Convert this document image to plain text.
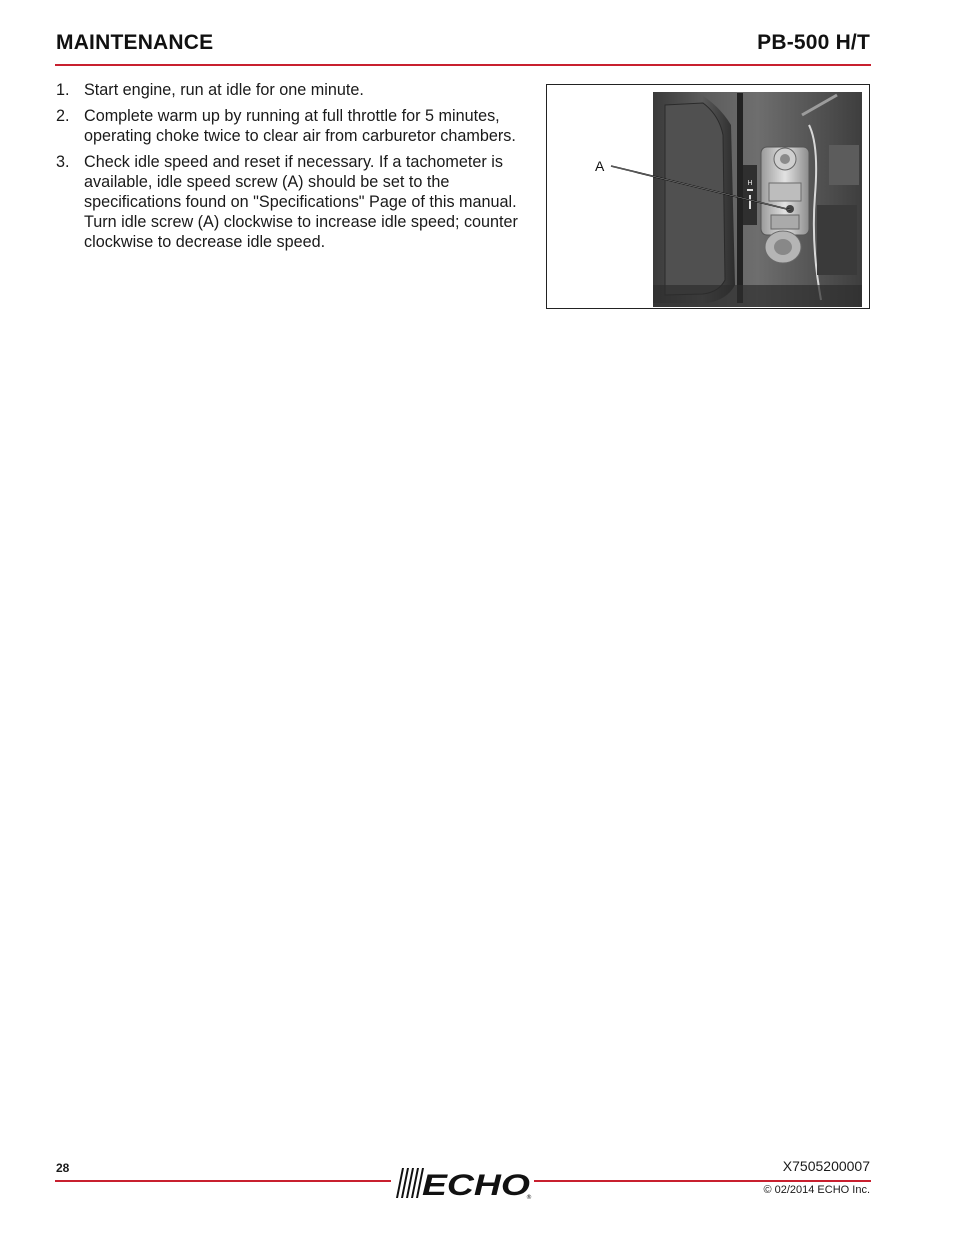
MAINTENANCE	PB-500 H/T
1. Start engine, run at idle for one minute.
2. Complete warm up by running at full throttle for 5 minutes, operating choke twice to clear air from carburetor chambers.
3. Check idle speed and reset if necessary. If a tachometer is available, idle speed screw (A) should be set to the specifications found on "Specifications" Page of this manual. Turn idle screw (A) clockwise to increase idle speed; counter clockwise to decrease idle speed.
H
A
28	X7505200007
ECHO
®
© 02/2014 ECHO Inc.
